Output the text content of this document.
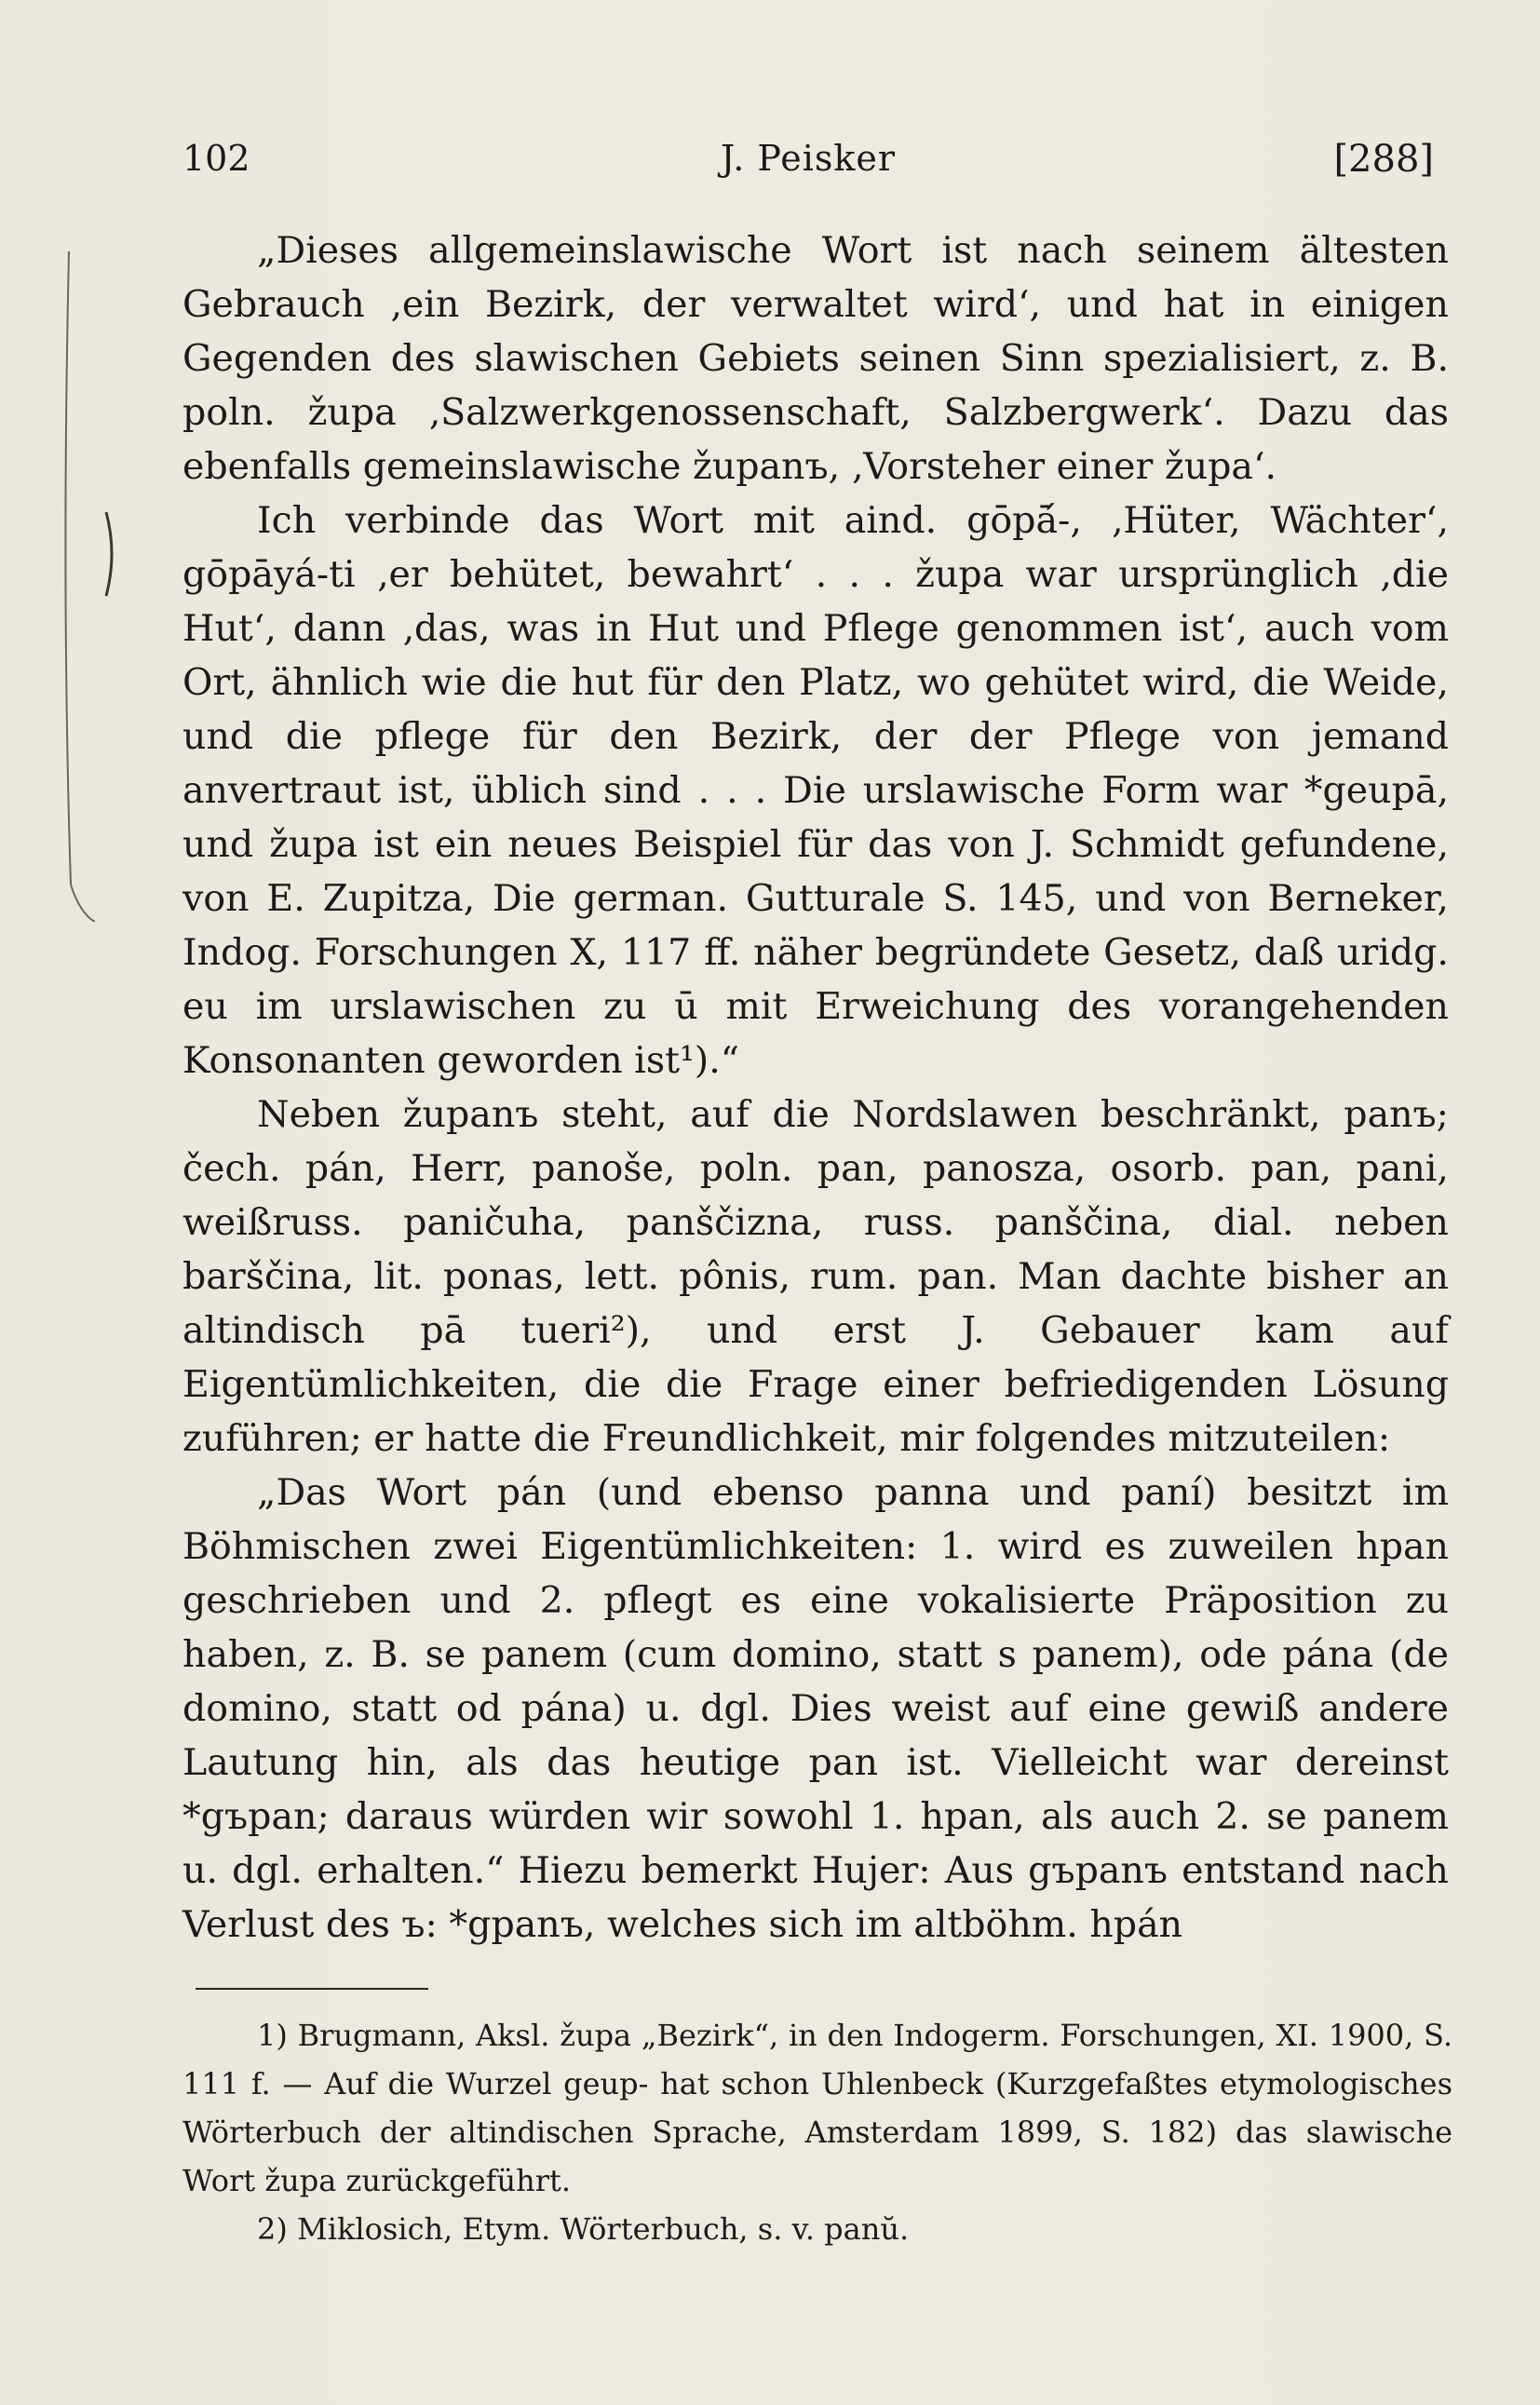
102	J. Peisker	[288]

„Dieses allgemeinslawische Wort ist nach seinem ältesten Gebrauch ‚ein Bezirk, der verwaltet wird‘, und hat in einigen Gegenden des slawischen Gebiets seinen Sinn spezialisiert, z. B. poln. župa ‚Salzwerkgenossenschaft, Salzbergwerk‘. Dazu das ebenfalls gemeinslawische županъ, ‚Vorsteher einer župa‘.

Ich verbinde das Wort mit aind. gōpā́-, ‚Hüter, Wächter‘, gōpāyá-ti ‚er behütet, bewahrt‘ . . . župa war ursprünglich ‚die Hut‘, dann ‚das, was in Hut und Pflege genommen ist‘, auch vom Ort, ähnlich wie die hut für den Platz, wo gehütet wird, die Weide, und die pflege für den Bezirk, der der Pflege von jemand anvertraut ist, üblich sind . . . Die urslawische Form war *geupā, und župa ist ein neues Beispiel für das von J. Schmidt gefundene, von E. Zupitza, Die german. Gutturale S. 145, und von Berneker, Indog. Forschungen X, 117 ff. näher begründete Gesetz, daß uridg. eu im urslawischen zu ū mit Erweichung des vorangehenden Konsonanten geworden ist¹).“

Neben županъ steht, auf die Nordslawen beschränkt, panъ; čech. pán, Herr, panoše, poln. pan, panosza, osorb. pan, pani, weißruss. paničuha, panščizna, russ. panščina, dial. neben barščina, lit. ponas, lett. pônis, rum. pan. Man dachte bisher an altindisch pā tueri²), und erst J. Gebauer kam auf Eigentümlichkeiten, die die Frage einer befriedigenden Lösung zuführen; er hatte die Freundlichkeit, mir folgendes mitzuteilen:

„Das Wort pán (und ebenso panna und paní) besitzt im Böhmischen zwei Eigentümlichkeiten: 1. wird es zuweilen hpan geschrieben und 2. pflegt es eine vokalisierte Präposition zu haben, z. B. se panem (cum domino, statt s panem), ode pána (de domino, statt od pána) u. dgl. Dies weist auf eine gewiß andere Lautung hin, als das heutige pan ist. Vielleicht war dereinst *gъpan; daraus würden wir sowohl 1. hpan, als auch 2. se panem u. dgl. erhalten.“ Hiezu bemerkt Hujer: Aus gъpanъ entstand nach Verlust des ъ: *gpanъ, welches sich im altböhm. hpán

1) Brugmann, Aksl. župa „Bezirk“, in den Indogerm. Forschungen, XI. 1900, S. 111 f. — Auf die Wurzel geup- hat schon Uhlenbeck (Kurzgefaßtes etymologisches Wörterbuch der altindischen Sprache, Amsterdam 1899, S. 182) das slawische Wort župa zurückgeführt.

2) Miklosich, Etym. Wörterbuch, s. v. panŭ.
